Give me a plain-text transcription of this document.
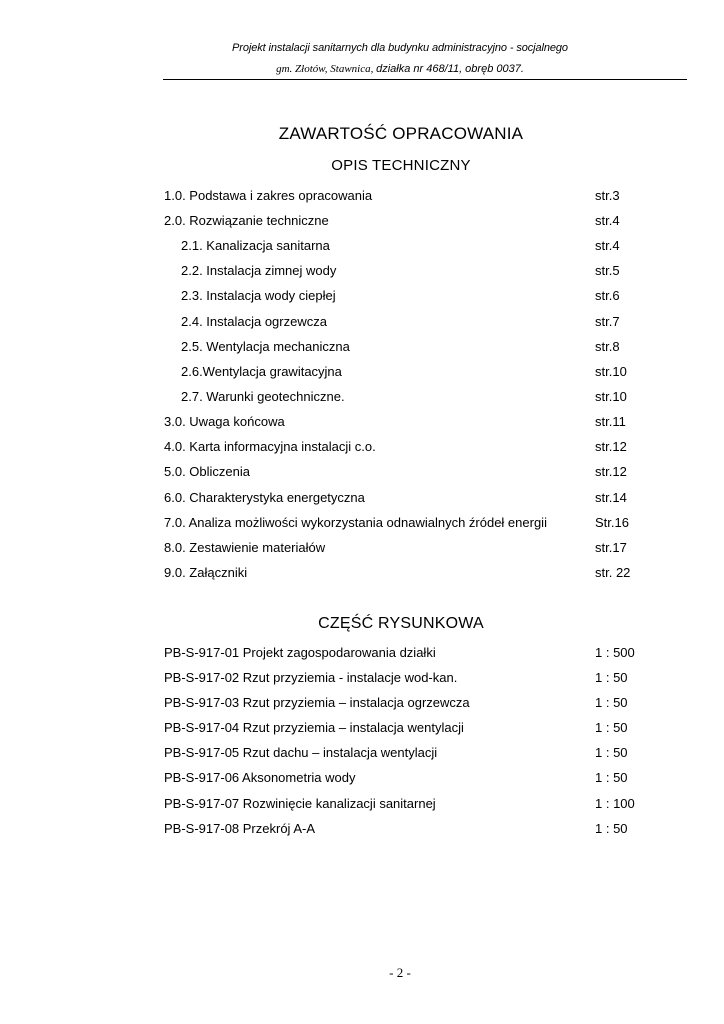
Projekt instalacji sanitarnych dla budynku administracyjno - socjalnego
gm. Złotów, Stawnica, działka nr 468/11, obręb 0037.
ZAWARTOŚĆ OPRACOWANIA
OPIS TECHNICZNY
1.0. Podstawa i zakres opracowania	str.3
2.0. Rozwiązanie techniczne	str.4
2.1. Kanalizacja sanitarna	str.4
2.2. Instalacja zimnej wody	str.5
2.3. Instalacja wody ciepłej	str.6
2.4. Instalacja ogrzewcza	str.7
2.5. Wentylacja mechaniczna	str.8
2.6.Wentylacja grawitacyjna	str.10
2.7. Warunki geotechniczne.	str.10
3.0. Uwaga końcowa	str.11
4.0. Karta informacyjna instalacji c.o.	str.12
5.0. Obliczenia	str.12
6.0. Charakterystyka energetyczna	str.14
7.0. Analiza możliwości wykorzystania odnawialnych źródeł energii	Str.16
8.0. Zestawienie materiałów	str.17
9.0. Załączniki	str. 22
CZĘŚĆ RYSUNKOWA
PB-S-917-01 Projekt zagospodarowania działki	1 : 500
PB-S-917-02 Rzut przyziemia - instalacje wod-kan.	1 : 50
PB-S-917-03 Rzut przyziemia – instalacja ogrzewcza	1 : 50
PB-S-917-04 Rzut przyziemia – instalacja wentylacji	1 : 50
PB-S-917-05 Rzut dachu – instalacja wentylacji	1 : 50
PB-S-917-06 Aksonometria wody	1 : 50
PB-S-917-07 Rozwinięcie kanalizacji sanitarnej	1 : 100
PB-S-917-08 Przekrój A-A	1 : 50
- 2 -
